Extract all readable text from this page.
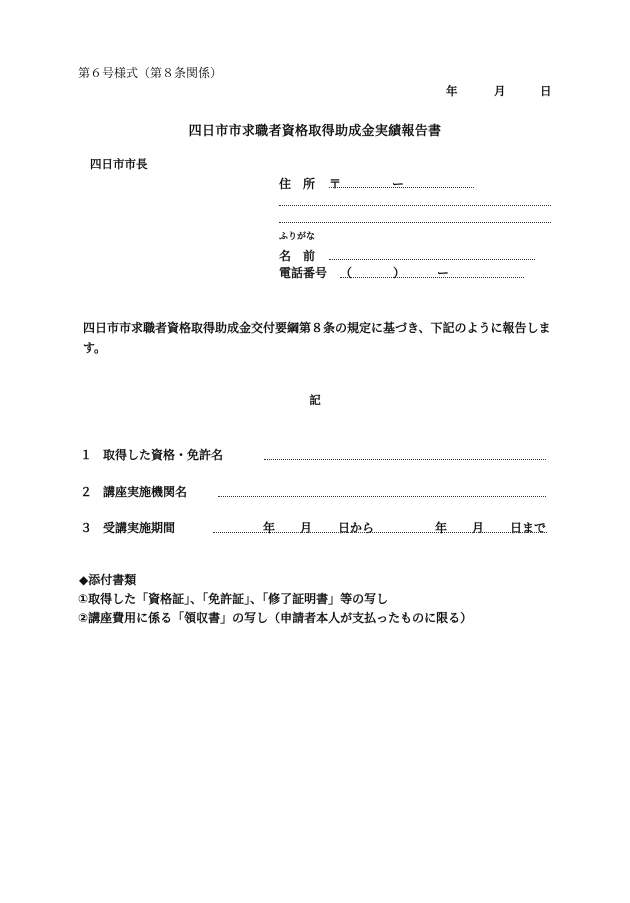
第６号様式（第８条関係）
年	月	日
四日市市求職者資格取得助成金実績報告書
四日市市長
住　所 〒	ー
ふりがな
名　前
電話番号 （	）	ー
四日市市求職者資格取得助成金交付要綱第８条の規定に基づき、下記のように報告します。
記
１ 取得した資格・免許名
２ 講座実施機関名
３ 受講実施期間	年 月 日から	年 月 日まで
◆添付書類
①取得した「資格証」、「免許証」、「修了証明書」等の写し
②講座費用に係る「領収書」の写し（申請者本人が支払ったものに限る）
